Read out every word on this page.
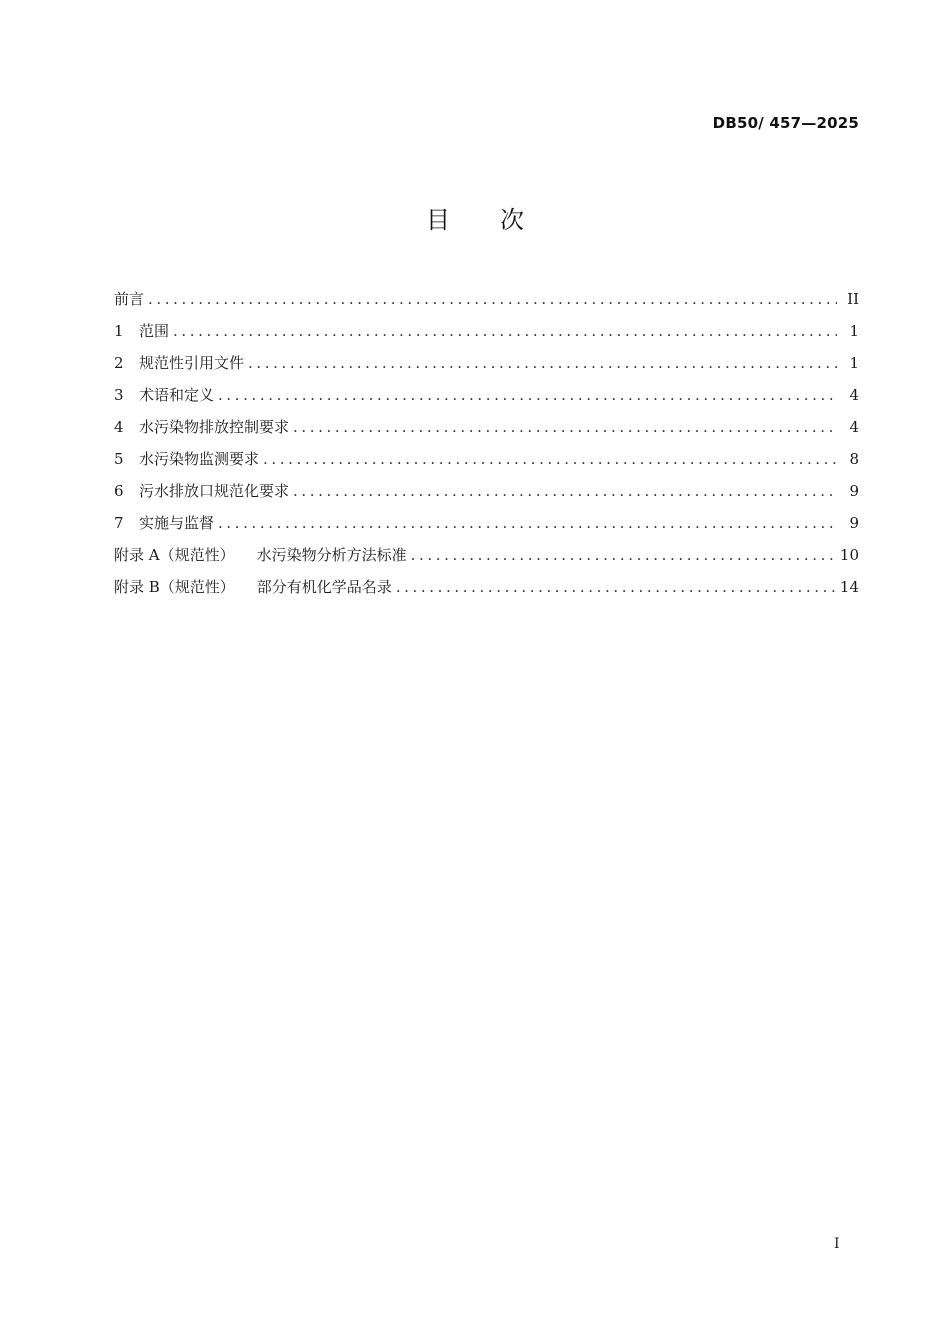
DB50/ 457—2025
目次
前言 .....	II
1	范围 .....	1
2	规范性引用文件 .....	1
3	术语和定义 .....	4
4	水污染物排放控制要求 .....	4
5	水污染物监测要求 .....	8
6	污水排放口规范化要求 .....	9
7	实施与监督 .....	9
附录 A（规范性）	水污染物分析方法标准 .....	10
附录 B（规范性）	部分有机化学品名录 .....	14
I
